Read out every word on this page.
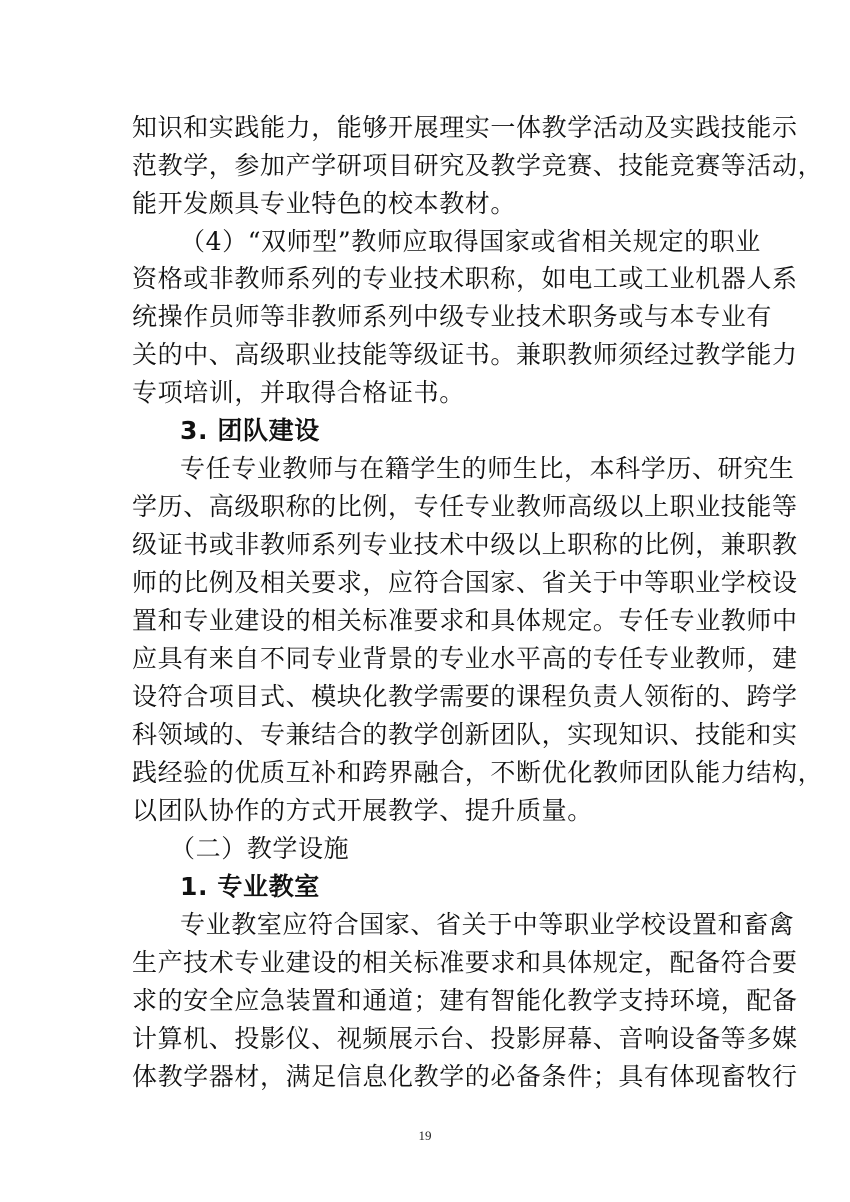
知识和实践能力，能够开展理实一体教学活动及实践技能示
范教学，参加产学研项目研究及教学竞赛、技能竞赛等活动，
能开发颇具专业特色的校本教材。
（4）“双师型”教师应取得国家或省相关规定的职业
资格或非教师系列的专业技术职称，如电工或工业机器人系
统操作员师等非教师系列中级专业技术职务或与本专业有
关的中、高级职业技能等级证书。兼职教师须经过教学能力
专项培训，并取得合格证书。
3. 团队建设
专任专业教师与在籍学生的师生比，本科学历、研究生
学历、高级职称的比例，专任专业教师高级以上职业技能等
级证书或非教师系列专业技术中级以上职称的比例，兼职教
师的比例及相关要求，应符合国家、省关于中等职业学校设
置和专业建设的相关标准要求和具体规定。专任专业教师中
应具有来自不同专业背景的专业水平高的专任专业教师，建
设符合项目式、模块化教学需要的课程负责人领衔的、跨学
科领域的、专兼结合的教学创新团队，实现知识、技能和实
践经验的优质互补和跨界融合，不断优化教师团队能力结构，
以团队协作的方式开展教学、提升质量。
（二）教学设施
1. 专业教室
专业教室应符合国家、省关于中等职业学校设置和畜禽
生产技术专业建设的相关标准要求和具体规定，配备符合要
求的安全应急装置和通道；建有智能化教学支持环境，配备
计算机、投影仪、视频展示台、投影屏幕、音响设备等多媒
体教学器材，满足信息化教学的必备条件；具有体现畜牧行
19
